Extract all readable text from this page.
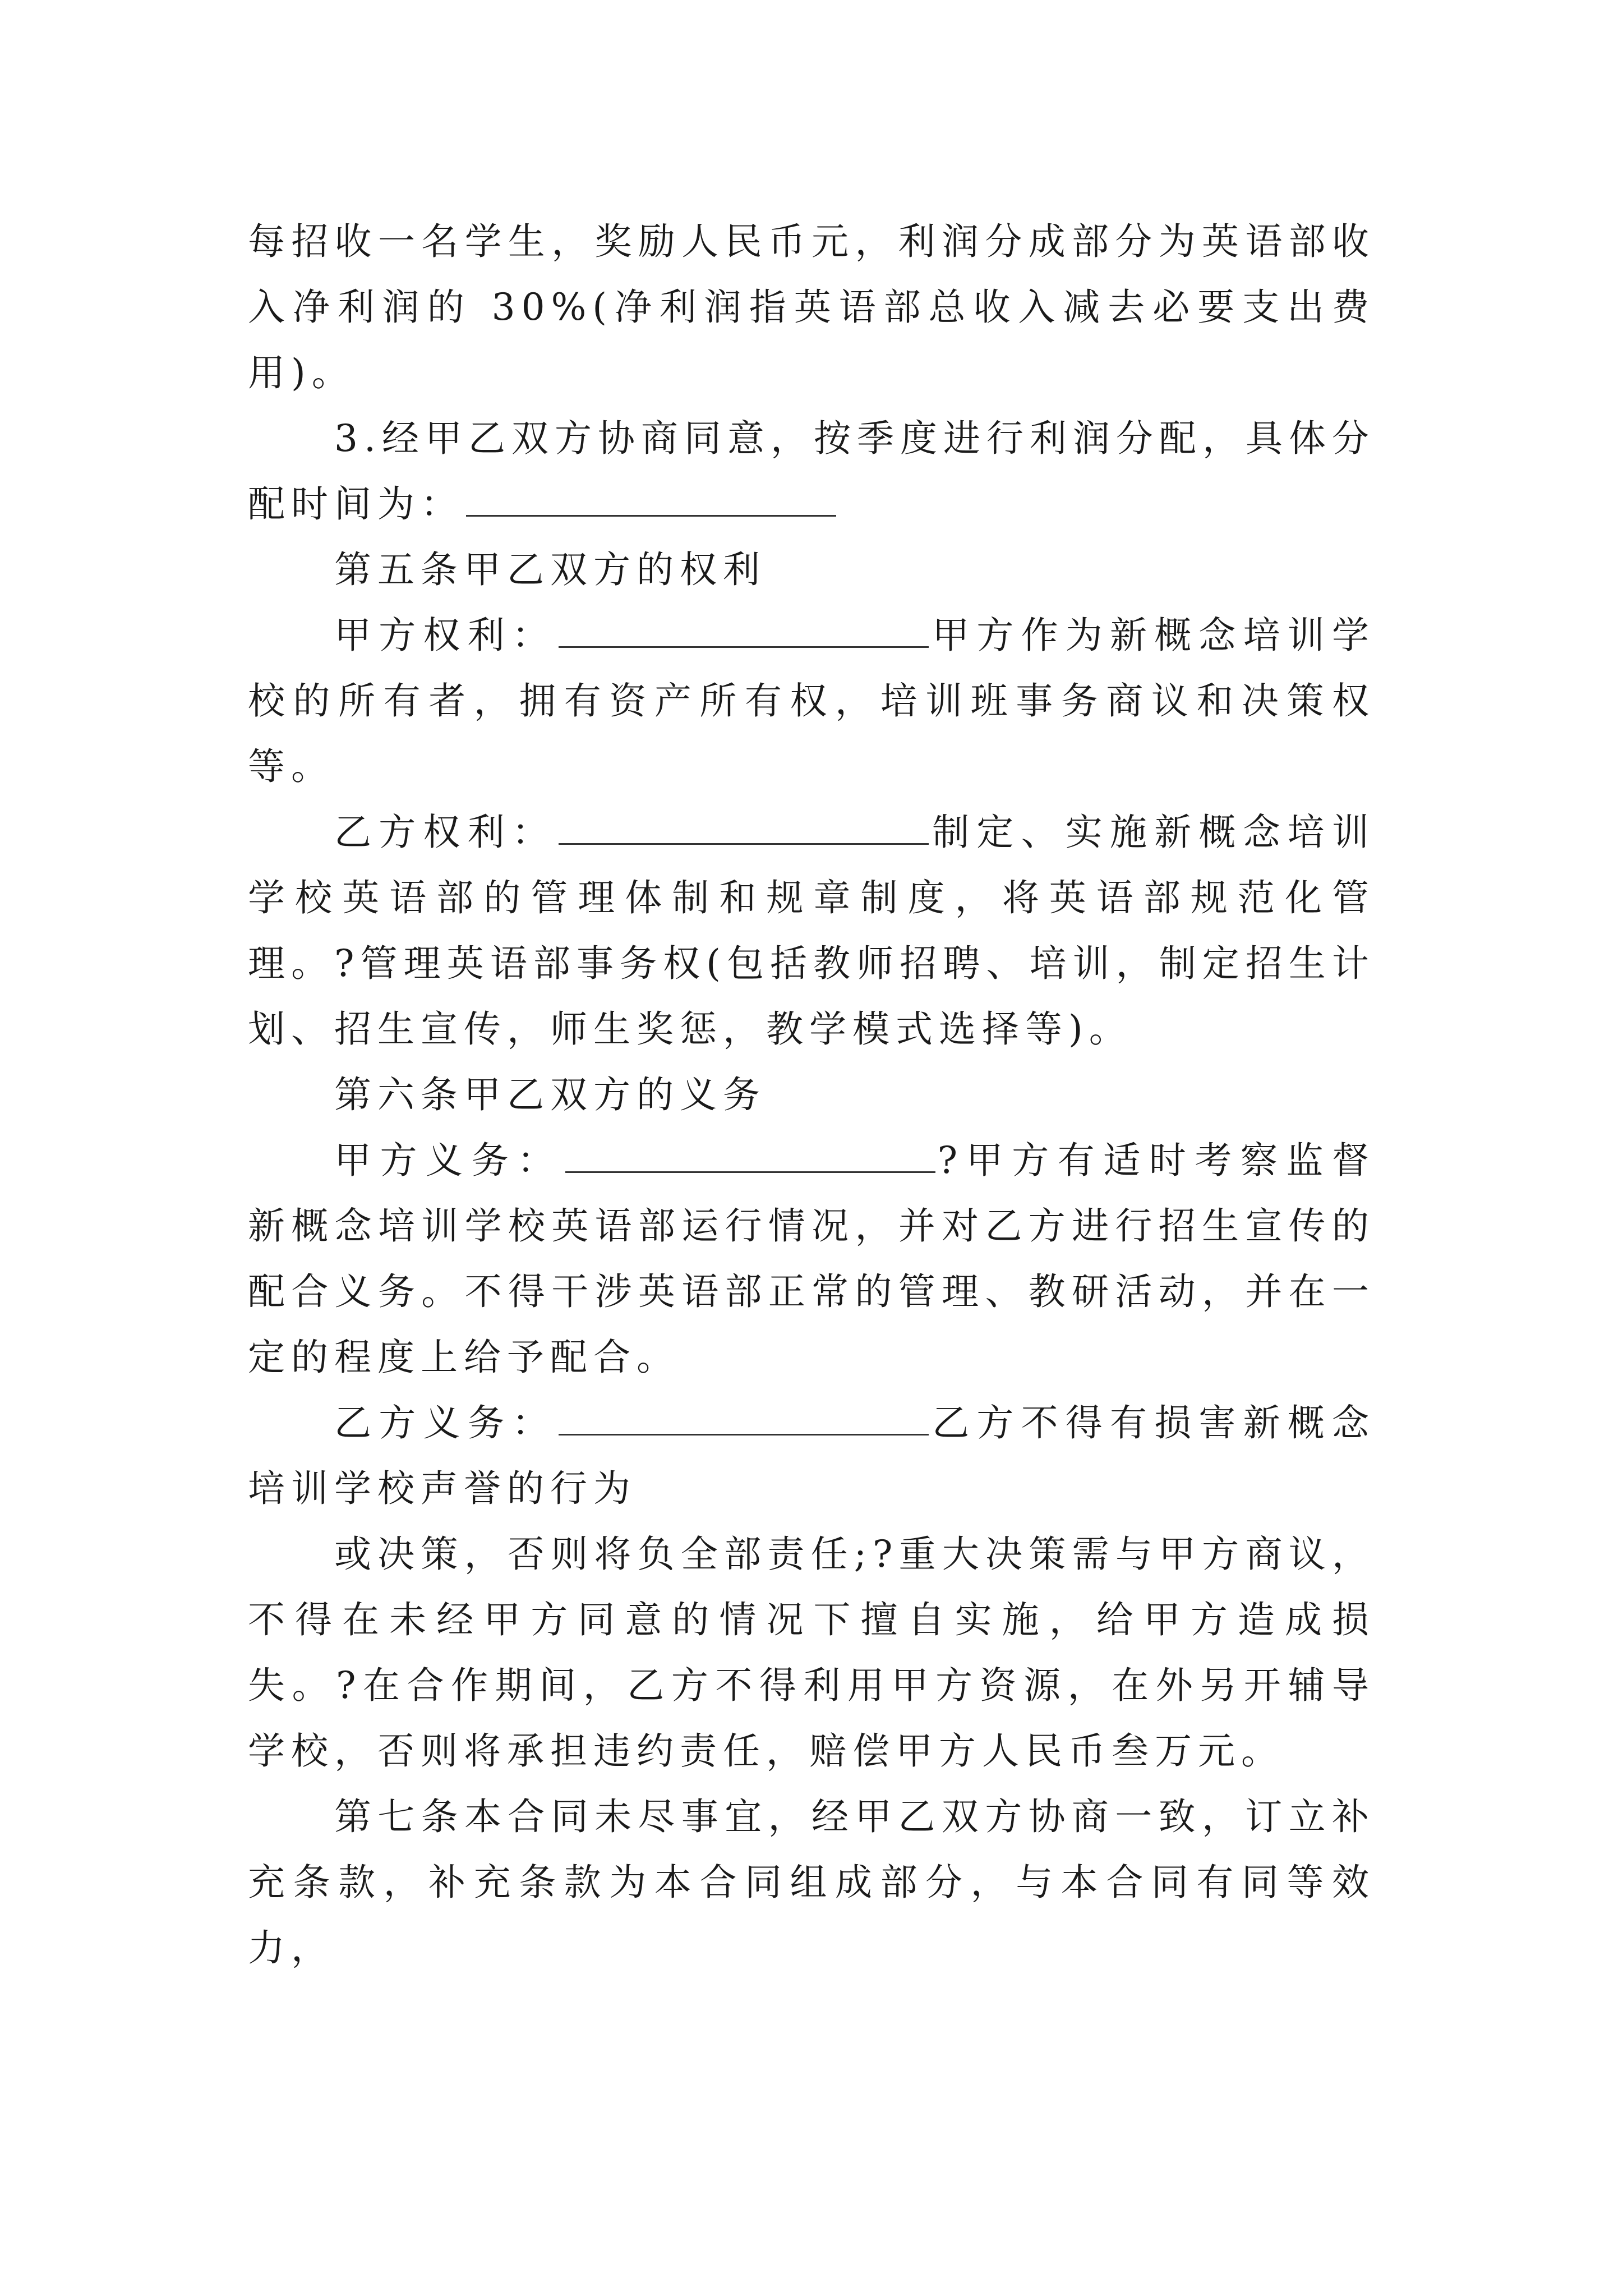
每招收一名学生，奖励人民币元，利润分成部分为英语部收入净利润的 30%(净利润指英语部总收入减去必要支出费用)。

3.经甲乙双方协商同意，按季度进行利润分配，具体分配时间为：

第五条甲乙双方的权利

甲方权利：	甲方作为新概念培训学校的所有者，拥有资产所有权，培训班事务商议和决策权等。

乙方权利：	制定、实施新概念培训学校英语部的管理体制和规章制度，将英语部规范化管理。?管理英语部事务权(包括教师招聘、培训，制定招生计划、招生宣传，师生奖惩，教学模式选择等)。

第六条甲乙双方的义务

甲方义务：	?甲方有适时考察监督新概念培训学校英语部运行情况，并对乙方进行招生宣传的配合义务。不得干涉英语部正常的管理、教研活动，并在一定的程度上给予配合。

乙方义务：	乙方不得有损害新概念培训学校声誉的行为

或决策，否则将负全部责任;?重大决策需与甲方商议，不得在未经甲方同意的情况下擅自实施，给甲方造成损失。?在合作期间，乙方不得利用甲方资源，在外另开辅导学校，否则将承担违约责任，赔偿甲方人民币叁万元。

第七条本合同未尽事宜，经甲乙双方协商一致，订立补充条款，补充条款为本合同组成部分，与本合同有同等效力，
